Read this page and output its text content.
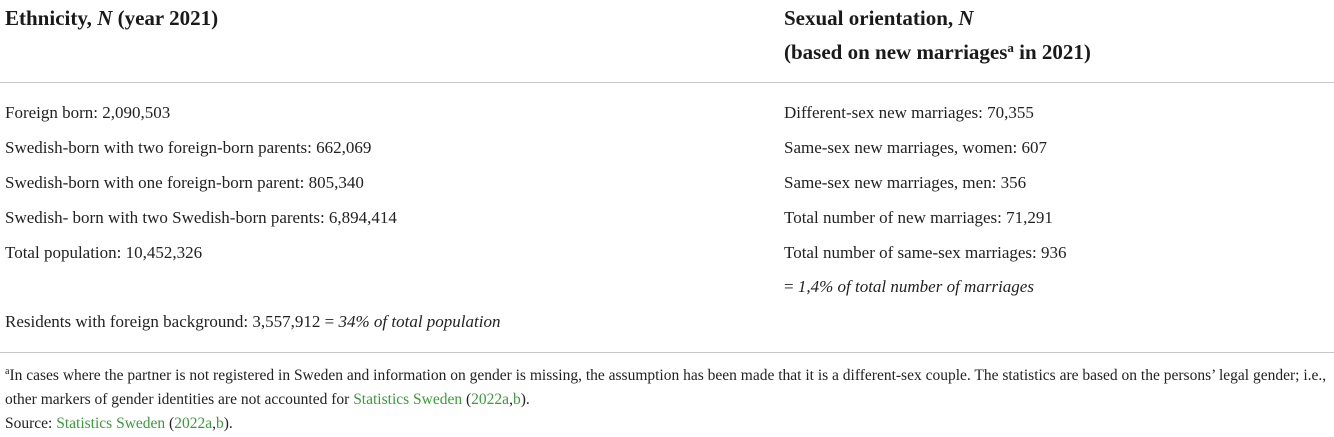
Ethnicity, N (year 2021)	Sexual orientation, N
(based on new marriages$^a$ in 2021)
Foreign born: 2,090,503
Swedish-born with two foreign-born parents: 662,069
Swedish-born with one foreign-born parent: 805,340
Swedish- born with two Swedish-born parents: 6,894,414
Total population: 10,452,326
Residents with foreign background: 3,557,912 = 34% of total population
Different-sex new marriages: 70,355
Same-sex new marriages, women: 607
Same-sex new marriages, men: 356
Total number of new marriages: 71,291
Total number of same-sex marriages: 936
= 1,4% of total number of marriages
$^a$In cases where the partner is not registered in Sweden and information on gender is missing, the assumption has been made that it is a different-sex couple. The statistics are based on the persons’ legal gender; i.e., other markers of gender identities are not accounted for Statistics Sweden (2022a,b).
Source: Statistics Sweden (2022a,b).
